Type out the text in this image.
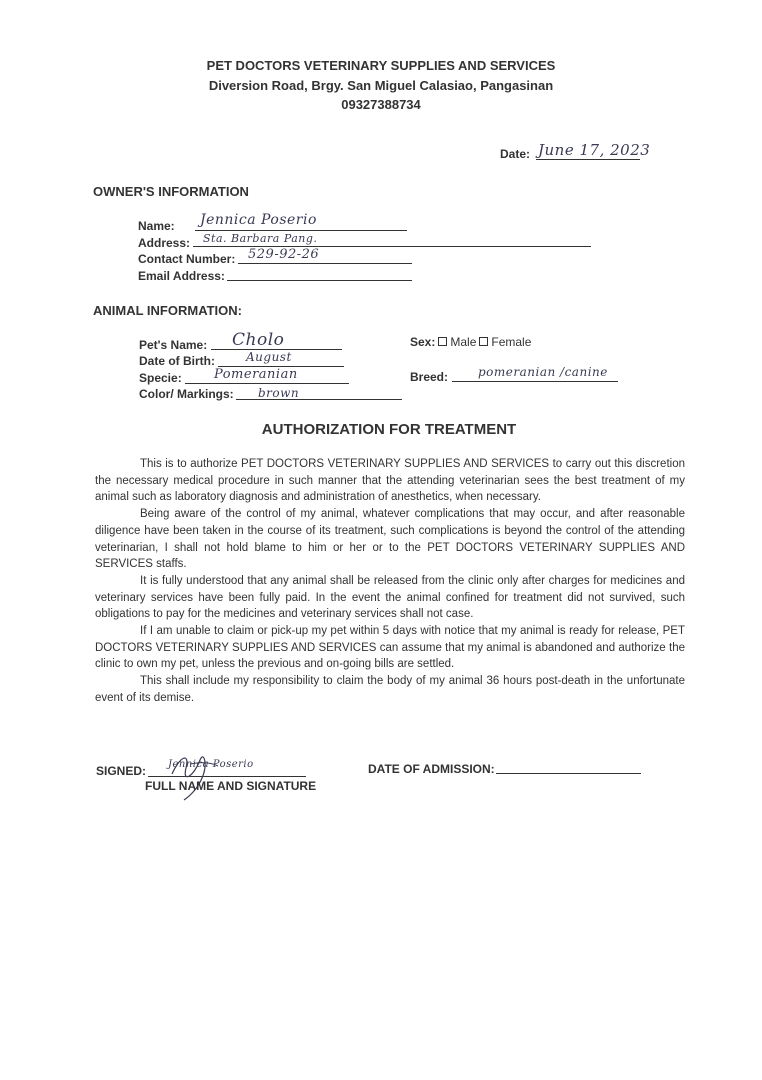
PET DOCTORS VETERINARY SUPPLIES AND SERVICES
Diversion Road, Brgy. San Miguel Calasiao, Pangasinan
09327388734
Date: June 17, 2023
OWNER'S INFORMATION
Name: Jennica Poserio
Address: Sta. Barbara Pang.
Contact Number: 529-92-26
Email Address:
ANIMAL INFORMATION:
Pet's Name: Cholo
Date of Birth:	August
Specie: Pomeranian
Color/ Markings: brown
Sex: Male Female
Breed: pomeranian /canine
AUTHORIZATION FOR TREATMENT

This is to authorize PET DOCTORS VETERINARY SUPPLIES AND SERVICES to carry out this discretion the necessary medical procedure in such manner that the attending veterinarian sees the best treatment of my animal such as laboratory diagnosis and administration of anesthetics, when necessary.

Being aware of the control of my animal, whatever complications that may occur, and after reasonable diligence have been taken in the course of its treatment, such complications is beyond the control of the attending veterinarian, I shall not hold blame to him or her or to the PET DOCTORS VETERINARY SUPPLIES AND SERVICES staffs.

It is fully understood that any animal shall be released from the clinic only after charges for medicines and veterinary services have been fully paid. In the event the animal confined for treatment did not survived, such obligations to pay for the medicines and veterinary services shall not case.

If I am unable to claim or pick-up my pet within 5 days with notice that my animal is ready for release, PET DOCTORS VETERINARY SUPPLIES AND SERVICES can assume that my animal is abandoned and authorize the clinic to own my pet, unless the previous and on-going bills are settled.

This shall include my responsibility to claim the body of my animal 36 hours post-death in the unfortunate event of its demise.

SIGNED: Jennica Poserio
FULL NAME AND SIGNATURE
DATE OF ADMISSION:
